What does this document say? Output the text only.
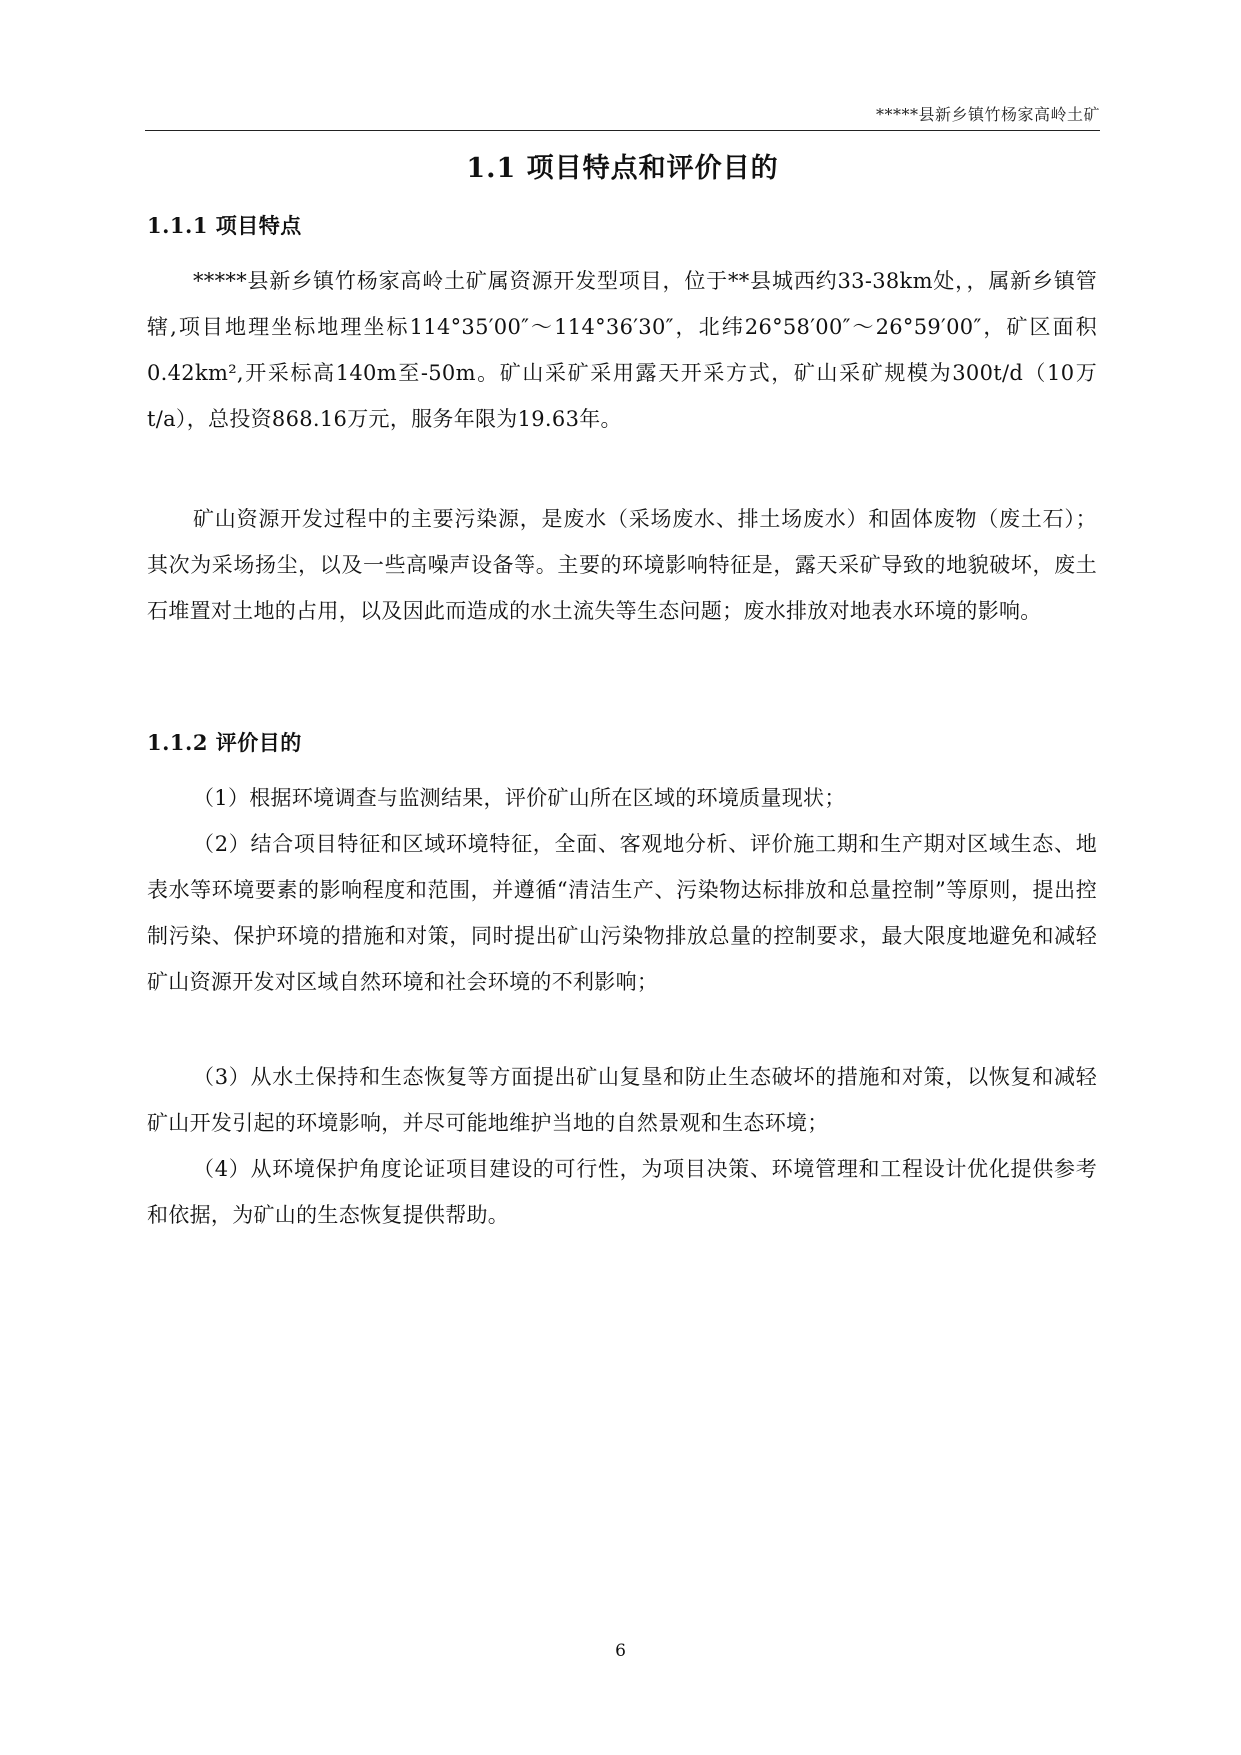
*****县新乡镇竹杨家高岭土矿
1.1 项目特点和评价目的
1.1.1 项目特点
*****县新乡镇竹杨家高岭土矿属资源开发型项目，位于**县城西约33-38km处，，属新乡镇管辖,项目地理坐标地理坐标114°35′00″～114°36′30″，北纬26°58′00″～26°59′00″，矿区面积0.42km²,开采标高140m至-50m。矿山采矿采用露天开采方式，矿山采矿规模为300t/d（10万t/a），总投资868.16万元，服务年限为19.63年。
矿山资源开发过程中的主要污染源，是废水（采场废水、排土场废水）和固体废物（废土石）；其次为采场扬尘，以及一些高噪声设备等。主要的环境影响特征是，露天采矿导致的地貌破坏，废土石堆置对土地的占用，以及因此而造成的水土流失等生态问题；废水排放对地表水环境的影响。
1.1.2 评价目的
（1）根据环境调查与监测结果，评价矿山所在区域的环境质量现状；
（2）结合项目特征和区域环境特征，全面、客观地分析、评价施工期和生产期对区域生态、地表水等环境要素的影响程度和范围，并遵循“清洁生产、污染物达标排放和总量控制”等原则，提出控制污染、保护环境的措施和对策，同时提出矿山污染物排放总量的控制要求，最大限度地避免和减轻矿山资源开发对区域自然环境和社会环境的不利影响；
（3）从水土保持和生态恢复等方面提出矿山复垦和防止生态破坏的措施和对策，以恢复和减轻矿山开发引起的环境影响，并尽可能地维护当地的自然景观和生态环境；
（4）从环境保护角度论证项目建设的可行性，为项目决策、环境管理和工程设计优化提供参考和依据，为矿山的生态恢复提供帮助。
6
